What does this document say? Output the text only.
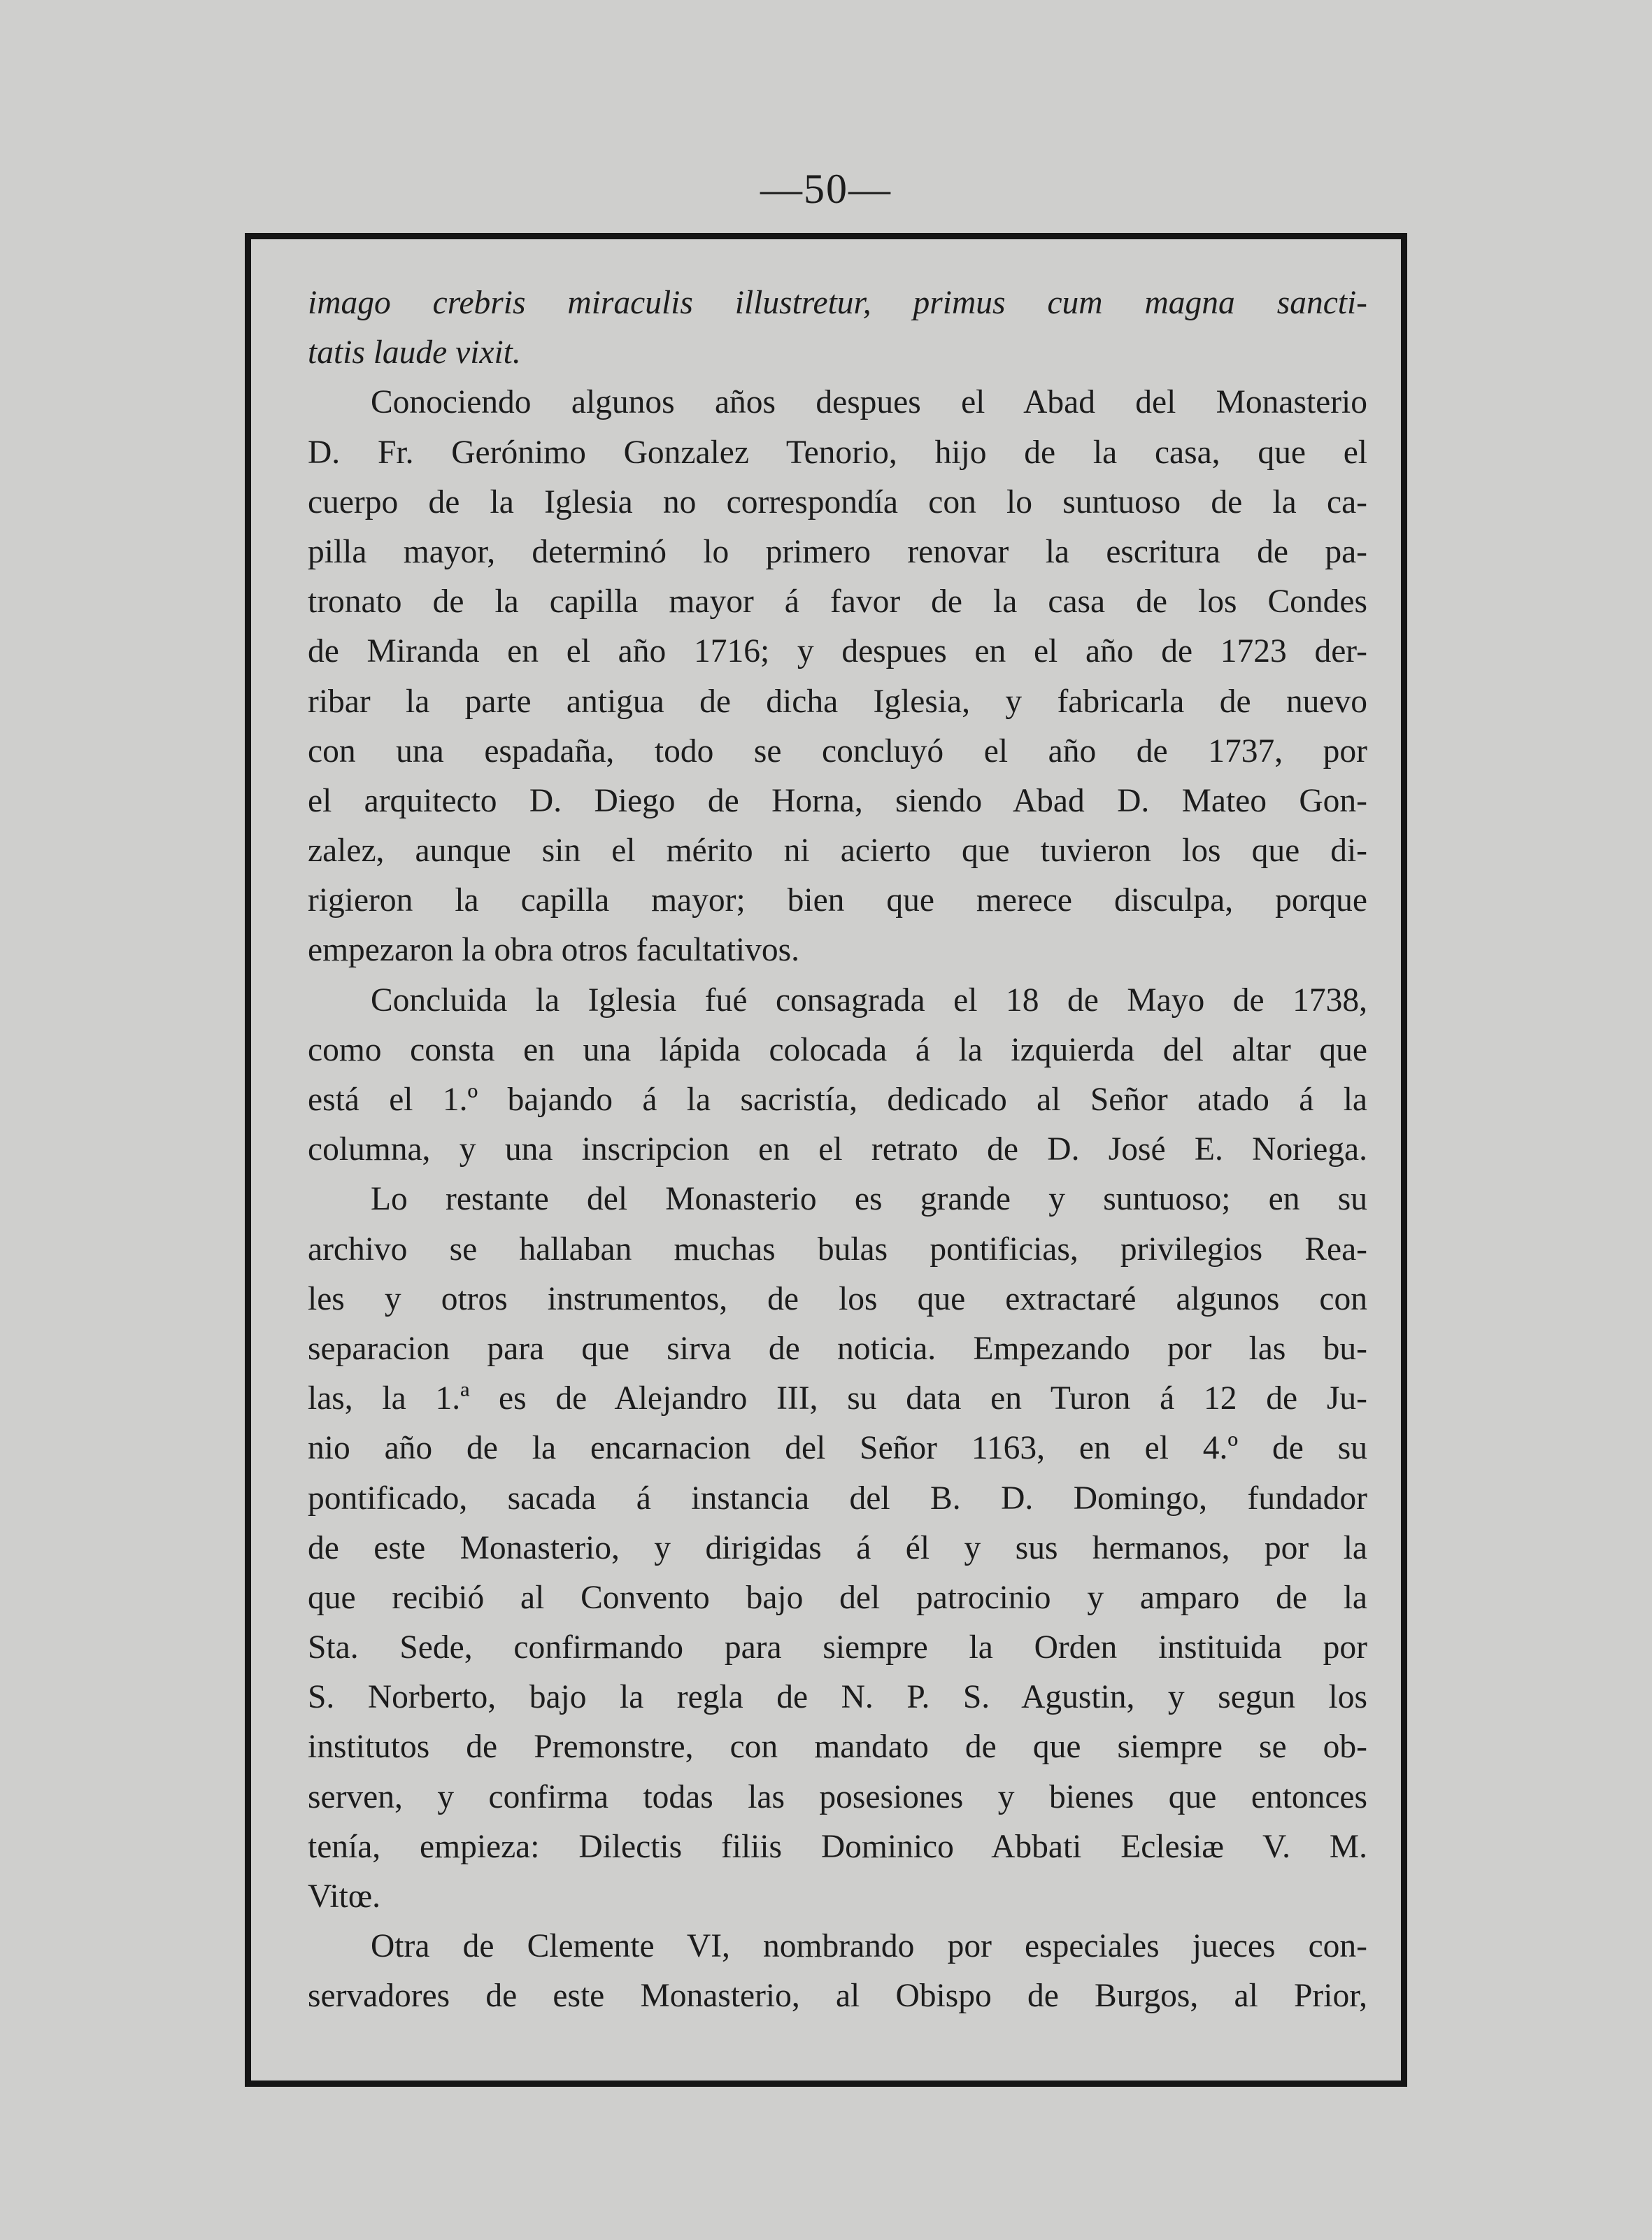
—50—
imago crebris miraculis illustretur, primus cum magna sancti-
tatis laude vixit.
Conociendo algunos años despues el Abad del Monasterio
D. Fr. Gerónimo Gonzalez Tenorio, hijo de la casa, que el
cuerpo de la Iglesia no correspondía con lo suntuoso de la ca-
pilla mayor, determinó lo primero renovar la escritura de pa-
tronato de la capilla mayor á favor de la casa de los Condes
de Miranda en el año 1716; y despues en el año de 1723 der-
ribar la parte antigua de dicha Iglesia, y fabricarla de nuevo
con una espadaña, todo se concluyó el año de 1737, por
el arquitecto D. Diego de Horna, siendo Abad D. Mateo Gon-
zalez, aunque sin el mérito ni acierto que tuvieron los que di-
rigieron la capilla mayor; bien que merece disculpa, porque
empezaron la obra otros facultativos.
Concluida la Iglesia fué consagrada el 18 de Mayo de 1738,
como consta en una lápida colocada á la izquierda del altar que
está el 1.º bajando á la sacristía, dedicado al Señor atado á la
columna, y una inscripcion en el retrato de D. José E. Noriega.
Lo restante del Monasterio es grande y suntuoso; en su
archivo se hallaban muchas bulas pontificias, privilegios Rea-
les y otros instrumentos, de los que extractaré algunos con
separacion para que sirva de noticia. Empezando por las bu-
las, la 1.ª es de Alejandro III, su data en Turon á 12 de Ju-
nio año de la encarnacion del Señor 1163, en el 4.º de su
pontificado, sacada á instancia del B. D. Domingo, fundador
de este Monasterio, y dirigidas á él y sus hermanos, por la
que recibió al Convento bajo del patrocinio y amparo de la
Sta. Sede, confirmando para siempre la Orden instituida por
S. Norberto, bajo la regla de N. P. S. Agustin, y segun los
institutos de Premonstre, con mandato de que siempre se ob-
serven, y confirma todas las posesiones y bienes que entonces
tenía, empieza: Dilectis filiis Dominico Abbati Eclesiæ V. M.
Vitœ.
Otra de Clemente VI, nombrando por especiales jueces con-
servadores de este Monasterio, al Obispo de Burgos, al Prior,
